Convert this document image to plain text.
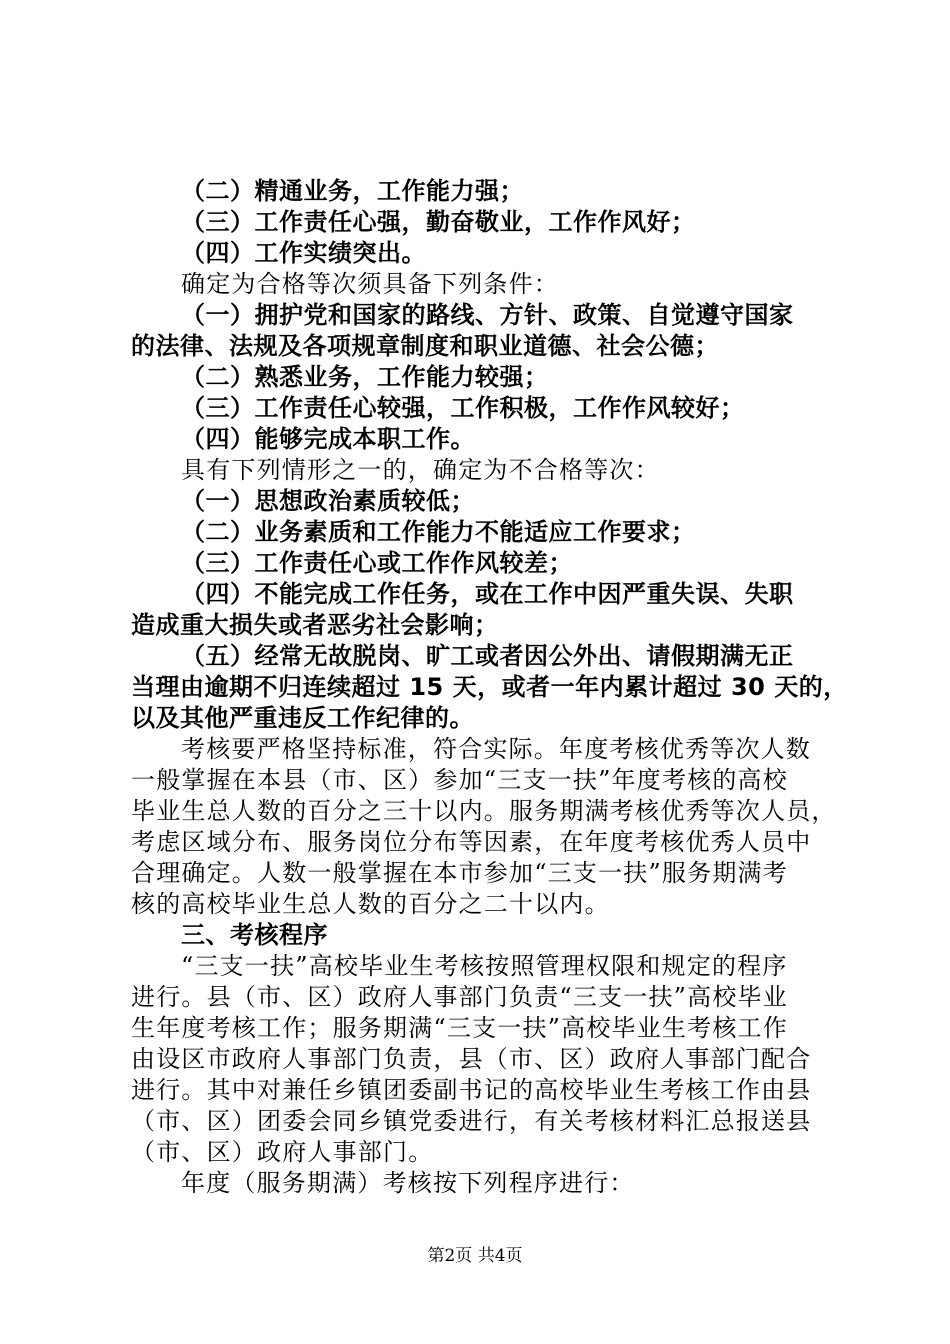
（二）精通业务，工作能力强；
（三）工作责任心强，勤奋敬业，工作作风好；
（四）工作实绩突出。
确定为合格等次须具备下列条件：
（一）拥护党和国家的路线、方针、政策、自觉遵守国家
的法律、法规及各项规章制度和职业道德、社会公德；
（二）熟悉业务，工作能力较强；
（三）工作责任心较强，工作积极，工作作风较好；
（四）能够完成本职工作。
具有下列情形之一的，确定为不合格等次：
（一）思想政治素质较低；
（二）业务素质和工作能力不能适应工作要求；
（三）工作责任心或工作作风较差；
（四）不能完成工作任务，或在工作中因严重失误、失职
造成重大损失或者恶劣社会影响；
（五）经常无故脱岗、旷工或者因公外出、请假期满无正
当理由逾期不归连续超过 15 天，或者一年内累计超过 30 天的，
以及其他严重违反工作纪律的。
考核要严格坚持标准，符合实际。年度考核优秀等次人数
一般掌握在本县（市、区）参加“三支一扶”年度考核的高校
毕业生总人数的百分之三十以内。服务期满考核优秀等次人员，
考虑区域分布、服务岗位分布等因素，在年度考核优秀人员中
合理确定。人数一般掌握在本市参加“三支一扶”服务期满考
核的高校毕业生总人数的百分之二十以内。
三、考核程序
“三支一扶”高校毕业生考核按照管理权限和规定的程序
进行。县（市、区）政府人事部门负责“三支一扶”高校毕业
生年度考核工作；服务期满“三支一扶”高校毕业生考核工作
由设区市政府人事部门负责，县（市、区）政府人事部门配合
进行。其中对兼任乡镇团委副书记的高校毕业生考核工作由县
（市、区）团委会同乡镇党委进行，有关考核材料汇总报送县
（市、区）政府人事部门。
年度（服务期满）考核按下列程序进行：
第2页 共4页
